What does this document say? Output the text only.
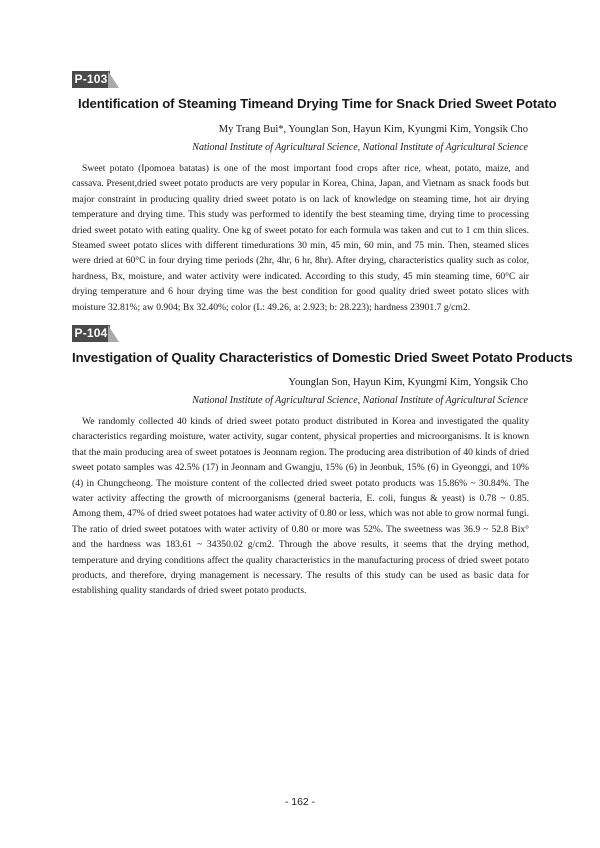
P-103
Identification of Steaming Timeand Drying Time for Snack Dried Sweet Potato
My Trang Bui*, Younglan Son, Hayun Kim, Kyungmi Kim, Yongsik Cho
National Institute of Agricultural Science, National Institute of Agricultural Science

Sweet potato (Ipomoea batatas) is one of the most important food crops after rice, wheat, potato, maize, and cassava. Present,dried sweet potato products are very popular in Korea, China, Japan, and Vietnam as snack foods but major constraint in producing quality dried sweet potato is on lack of knowledge on steaming time, hot air drying temperature and drying time. This study was performed to identify the best steaming time, drying time to processing dried sweet potato with eating quality. One kg of sweet potato for each formula was taken and cut to 1 cm thin slices. Steamed sweet potato slices with different timedurations 30 min, 45 min, 60 min, and 75 min. Then, steamed slices were dried at 60°C in four drying time periods (2hr, 4hr, 6 hr, 8hr). After drying, characteristics quality such as color, hardness, Bx, moisture, and water activity were indicated. According to this study, 45 min steaming time, 60°C air drying temperature and 6 hour drying time was the best condition for good quality dried sweet potato slices with moisture 32.81%; aw 0.904; Bx 32.40%; color (L: 49.26, a: 2.923; b: 28.223); hardness 23901.7 g/cm2.

P-104
Investigation of Quality Characteristics of Domestic Dried Sweet Potato Products
Younglan Son, Hayun Kim, Kyungmi Kim, Yongsik Cho
National Institute of Agricultural Science, National Institute of Agricultural Science

We randomly collected 40 kinds of dried sweet potato product distributed in Korea and investigated the quality characteristics regarding moisture, water activity, sugar content, physical properties and microorganisms. It is known that the main producing area of sweet potatoes is Jeonnam region. The producing area distribution of 40 kinds of dried sweet potato samples was 42.5% (17) in Jeonnam and Gwangju, 15% (6) in Jeonbuk, 15% (6) in Gyeonggi, and 10% (4) in Chungcheong. The moisture content of the collected dried sweet potato products was 15.86% ~ 30.84%. The water activity affecting the growth of microorganisms (general bacteria, E. coli, fungus & yeast) is 0.78 ~ 0.85. Among them, 47% of dried sweet potatoes had water activity of 0.80 or less, which was not able to grow normal fungi. The ratio of dried sweet potatoes with water activity of 0.80 or more was 52%. The sweetness was 36.9 ~ 52.8 Bix° and the hardness was 183.61 ~ 34350.02 g/cm2. Through the above results, it seems that the drying method, temperature and drying conditions affect the quality characteristics in the manufacturing process of dried sweet potato products, and therefore, drying management is necessary. The results of this study can be used as basic data for establishing quality standards of dried sweet potato products.

- 162 -
